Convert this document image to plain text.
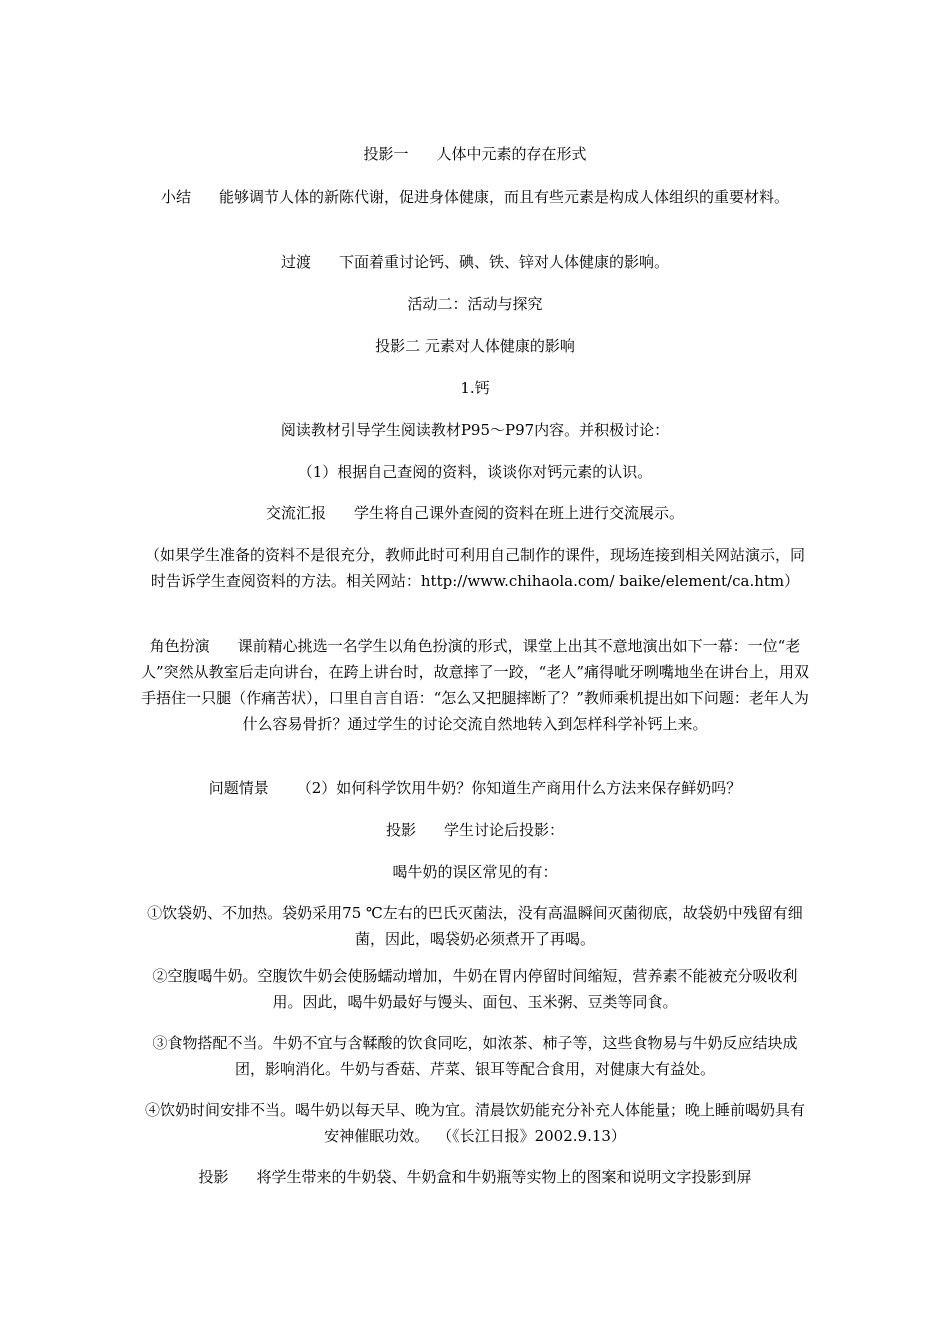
投影一 人体中元素的存在形式

小结 能够调节人体的新陈代谢，促进身体健康，而且有些元素是构成人体组织的重要材料。

过渡 下面着重讨论钙、碘、铁、锌对人体健康的影响。

活动二：活动与探究

投影二 元素对人体健康的影响

1.钙

阅读教材引导学生阅读教材P95～P97内容。并积极讨论：

（1）根据自己查阅的资料，谈谈你对钙元素的认识。

交流汇报 学生将自己课外查阅的资料在班上进行交流展示。

（如果学生准备的资料不是很充分，教师此时可利用自己制作的课件，现场连接到相关网站演示，同时告诉学生查阅资料的方法。相关网站：http://www.chihaola.com/ baike/element/ca.htm）

角色扮演 课前精心挑选一名学生以角色扮演的形式，课堂上出其不意地演出如下一幕：一位“老人”突然从教室后走向讲台，在跨上讲台时，故意摔了一跤，“老人”痛得呲牙咧嘴地坐在讲台上，用双手捂住一只腿（作痛苦状），口里自言自语：“怎么又把腿摔断了？”教师乘机提出如下问题：老年人为什么容易骨折？通过学生的讨论交流自然地转入到怎样科学补钙上来。

问题情景 （2）如何科学饮用牛奶？你知道生产商用什么方法来保存鲜奶吗？

投影 学生讨论后投影：

喝牛奶的误区常见的有：

①饮袋奶、不加热。袋奶采用75 ℃左右的巴氏灭菌法，没有高温瞬间灭菌彻底，故袋奶中残留有细菌，因此，喝袋奶必须煮开了再喝。

②空腹喝牛奶。空腹饮牛奶会使肠蠕动增加，牛奶在胃内停留时间缩短，营养素不能被充分吸收利用。因此，喝牛奶最好与馒头、面包、玉米粥、豆类等同食。

③食物搭配不当。牛奶不宜与含鞣酸的饮食同吃，如浓茶、柿子等，这些食物易与牛奶反应结块成团，影响消化。牛奶与香菇、芹菜、银耳等配合食用，对健康大有益处。

④饮奶时间安排不当。喝牛奶以每天早、晚为宜。清晨饮奶能充分补充人体能量；晚上睡前喝奶具有安神催眠功效。 （《长江日报》2002.9.13）

投影 将学生带来的牛奶袋、牛奶盒和牛奶瓶等实物上的图案和说明文字投影到屏
